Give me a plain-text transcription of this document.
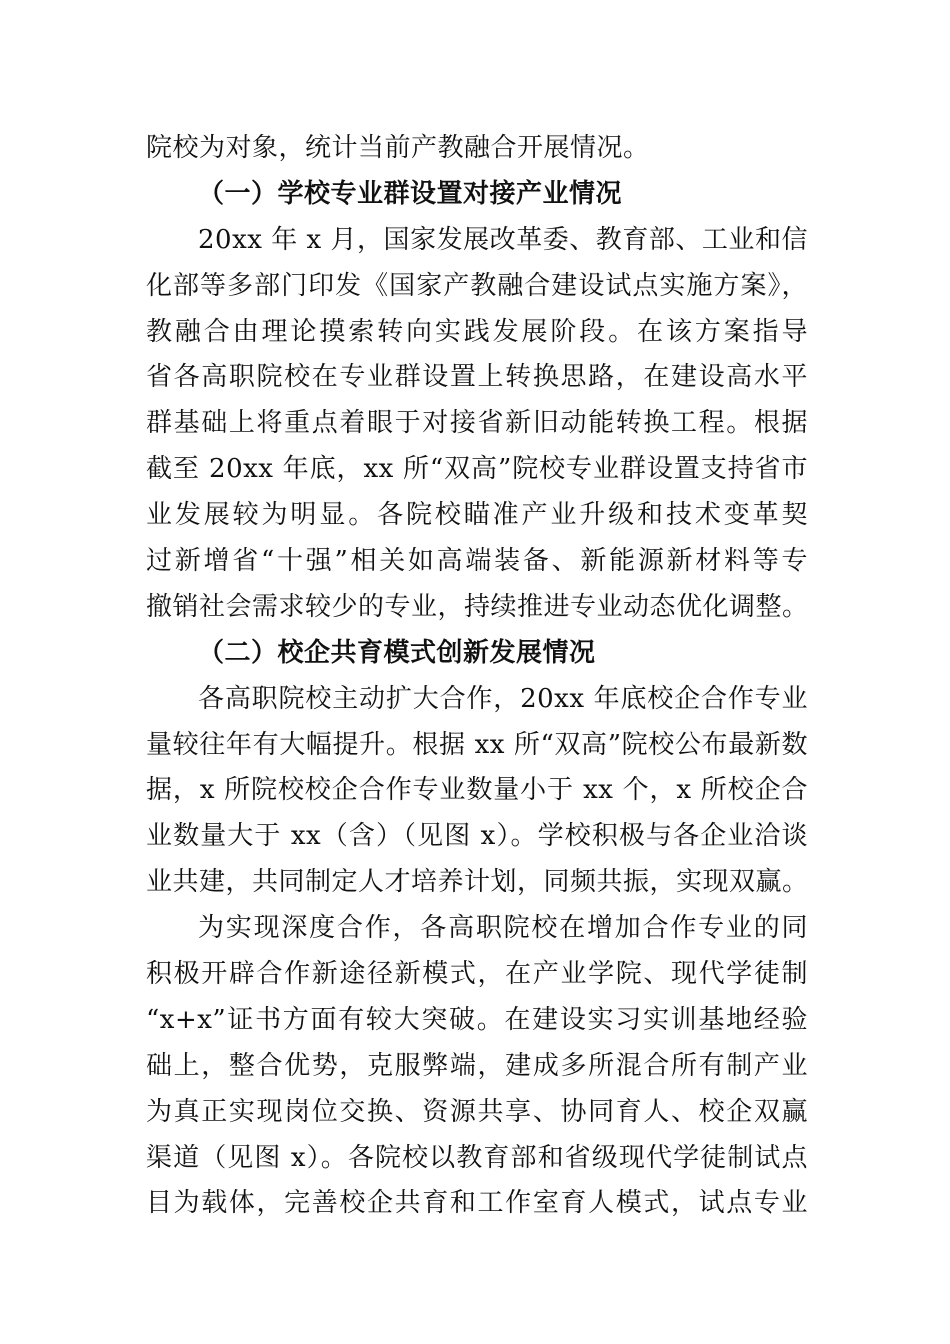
院校为对象，统计当前产教融合开展情况。
（一）学校专业群设置对接产业情况
20xx 年 x 月，国家发展改革委、教育部、工业和信
化部等多部门印发《国家产教融合建设试点实施方案》，
教融合由理论摸索转向实践发展阶段。在该方案指导
省各高职院校在专业群设置上转换思路，在建设高水平
群基础上将重点着眼于对接省新旧动能转换工程。根据
截至 20xx 年底，xx 所“双高”院校专业群设置支持省市
业发展较为明显。各院校瞄准产业升级和技术变革契
过新增省“十强”相关如高端装备、新能源新材料等专
撤销社会需求较少的专业，持续推进专业动态优化调整。
（二）校企共育模式创新发展情况
各高职院校主动扩大合作，20xx 年底校企合作专业
量较往年有大幅提升。根据 xx 所“双高”院校公布最新数
据，x 所院校校企合作专业数量小于 xx 个，x 所校企合
业数量大于 xx（含）（见图 x）。学校积极与各企业洽谈
业共建，共同制定人才培养计划，同频共振，实现双赢。
为实现深度合作，各高职院校在增加合作专业的同
积极开辟合作新途径新模式，在产业学院、现代学徒制
“x+x”证书方面有较大突破。在建设实习实训基地经验
础上，整合优势，克服弊端，建成多所混合所有制产业
为真正实现岗位交换、资源共享、协同育人、校企双赢
渠道（见图 x）。各院校以教育部和省级现代学徒制试点
目为载体，完善校企共育和工作室育人模式，试点专业
